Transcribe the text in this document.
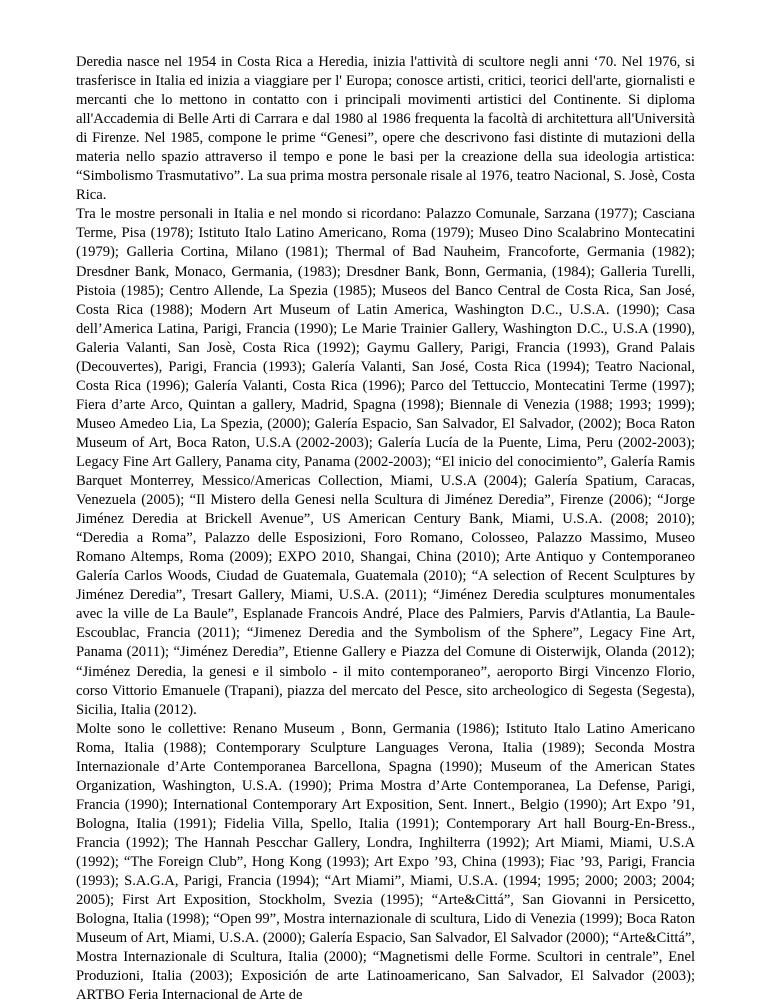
Deredia nasce nel 1954 in Costa Rica a Heredia, inizia l'attività di scultore negli anni ‘70. Nel 1976, si trasferisce in Italia ed inizia a viaggiare per l' Europa; conosce artisti, critici, teorici dell'arte, giornalisti e mercanti che lo mettono in contatto con i principali movimenti artistici del Continente. Si diploma all'Accademia di Belle Arti di Carrara e dal 1980 al 1986 frequenta la facoltà di architettura all'Università di Firenze. Nel 1985, compone le prime “Genesi”, opere che descrivono fasi distinte di mutazioni della materia nello spazio attraverso il tempo e pone le basi per la creazione della sua ideologia artistica: “Simbolismo Trasmutativo”. La sua prima mostra personale risale al 1976, teatro Nacional, S. Josè, Costa Rica.

Tra le mostre personali in Italia e nel mondo si ricordano: Palazzo Comunale, Sarzana (1977); Casciana Terme, Pisa (1978); Istituto Italo Latino Americano, Roma (1979); Museo Dino Scalabrino Montecatini (1979); Galleria Cortina, Milano (1981); Thermal of Bad Nauheim, Francoforte, Germania (1982); Dresdner Bank, Monaco, Germania, (1983); Dresdner Bank, Bonn, Germania, (1984); Galleria Turelli, Pistoia (1985); Centro Allende, La Spezia (1985); Museos del Banco Central de Costa Rica, San José, Costa Rica (1988); Modern Art Museum of Latin America, Washington D.C., U.S.A. (1990); Casa dell’America Latina, Parigi, Francia (1990); Le Marie Trainier Gallery, Washington D.C., U.S.A (1990), Galeria Valanti, San Josè, Costa Rica (1992); Gaymu Gallery, Parigi, Francia (1993), Grand Palais (Decouvertes), Parigi, Francia (1993); Galería Valanti, San José, Costa Rica (1994); Teatro Nacional, Costa Rica (1996); Galería Valanti, Costa Rica (1996); Parco del Tettuccio, Montecatini Terme (1997); Fiera d’arte Arco, Quintan a gallery, Madrid, Spagna (1998); Biennale di Venezia (1988; 1993; 1999); Museo Amedeo Lia, La Spezia, (2000); Galería Espacio, San Salvador, El Salvador, (2002); Boca Raton Museum of Art, Boca Raton, U.S.A (2002-2003); Galería Lucía de la Puente, Lima, Peru (2002-2003); Legacy Fine Art Gallery, Panama city, Panama (2002-2003); “El inicio del conocimiento”, Galería Ramis Barquet Monterrey, Messico/Americas Collection, Miami, U.S.A (2004); Galería Spatium, Caracas, Venezuela (2005); “Il Mistero della Genesi nella Scultura di Jiménez Deredia”, Firenze (2006); “Jorge Jiménez Deredia at Brickell Avenue”, US American Century Bank, Miami, U.S.A. (2008; 2010); “Deredia a Roma”, Palazzo delle Esposizioni, Foro Romano, Colosseo, Palazzo Massimo, Museo Romano Altemps, Roma (2009); EXPO 2010, Shangai, China (2010); Arte Antiquo y Contemporaneo Galería Carlos Woods, Ciudad de Guatemala, Guatemala (2010); “A selection of Recent Sculptures by Jiménez Deredia”, Tresart Gallery, Miami, U.S.A. (2011); “Jiménez Deredia sculptures monumentales avec la ville de La Baule”, Esplanade Francois André, Place des Palmiers, Parvis d'Atlantia, La Baule-Escoublac, Francia (2011); “Jimenez Deredia and the Symbolism of the Sphere”, Legacy Fine Art, Panama (2011); “Jiménez Deredia”, Etienne Gallery e Piazza del Comune di Oisterwijk, Olanda (2012); “Jiménez Deredia, la genesi e il simbolo - il mito contemporaneo”, aeroporto Birgi Vincenzo Florio, corso Vittorio Emanuele (Trapani), piazza del mercato del Pesce, sito archeologico di Segesta (Segesta), Sicilia, Italia (2012).

Molte sono le collettive: Renano Museum , Bonn, Germania (1986); Istituto Italo Latino Americano Roma, Italia (1988); Contemporary Sculpture Languages Verona, Italia (1989); Seconda Mostra Internazionale d’Arte Contemporanea Barcellona, Spagna (1990); Museum of the American States Organization, Washington, U.S.A. (1990); Prima Mostra d’Arte Contemporanea, La Defense, Parigi, Francia (1990); International Contemporary Art Exposition, Sent. Innert., Belgio (1990); Art Expo ’91, Bologna, Italia (1991); Fidelia Villa, Spello, Italia (1991); Contemporary Art hall Bourg-En-Bress., Francia (1992); The Hannah Pescchar Gallery, Londra, Inghilterra (1992); Art Miami, Miami, U.S.A (1992); “The Foreign Club”, Hong Kong (1993); Art Expo ’93, China (1993); Fiac ’93, Parigi, Francia (1993); S.A.G.A, Parigi, Francia (1994); “Art Miami”, Miami, U.S.A. (1994; 1995; 2000; 2003; 2004; 2005); First Art Exposition, Stockholm, Svezia (1995); “Arte&Cittá”, San Giovanni in Persicetto, Bologna, Italia (1998); “Open 99”, Mostra internazionale di scultura, Lido di Venezia (1999); Boca Raton Museum of Art, Miami, U.S.A. (2000); Galería Espacio, San Salvador, El Salvador (2000); “Arte&Cittá”, Mostra Internazionale di Scultura, Italia (2000); “Magnetismi delle Forme. Scultori in centrale”, Enel Produzioni, Italia (2003); Exposición de arte Latinoamericano, San Salvador, El Salvador (2003); ARTBO Feria Internacional de Arte de
